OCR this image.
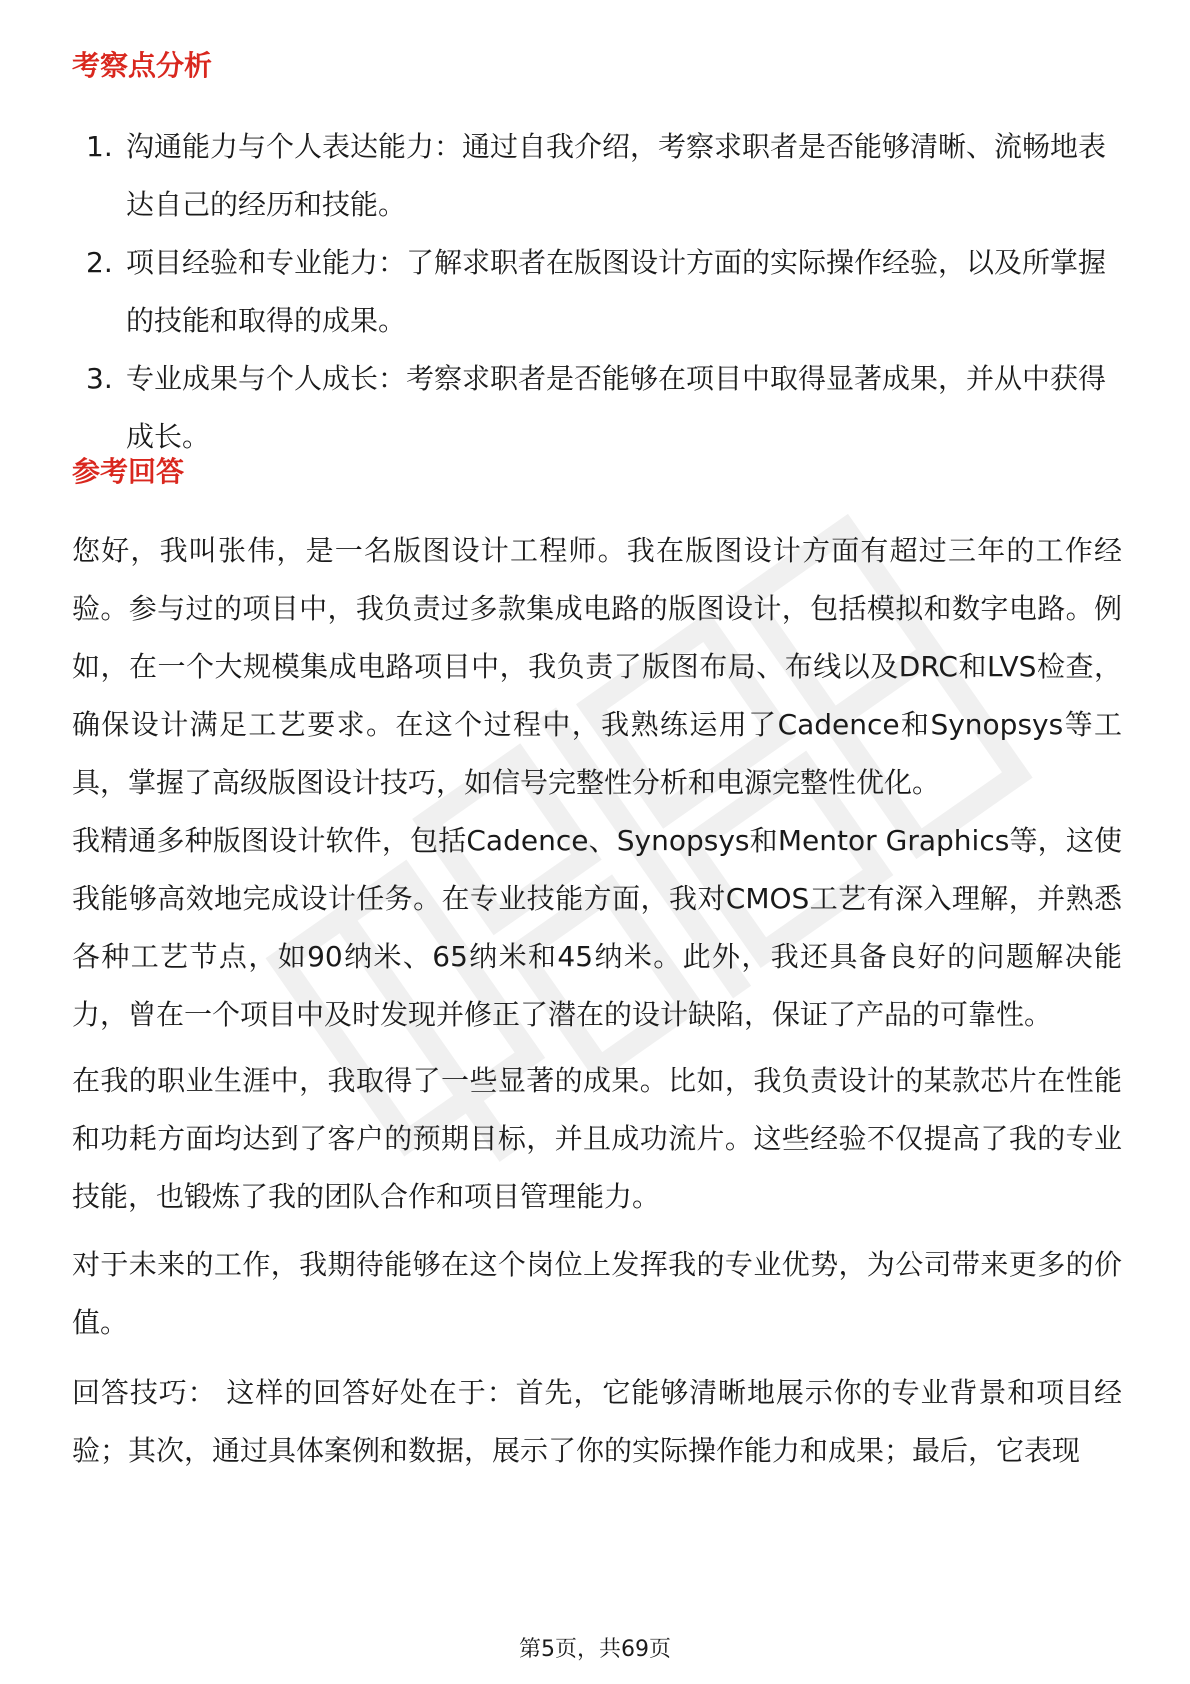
考察点分析
1. 沟通能力与个人表达能力：通过自我介绍，考察求职者是否能够清晰、流畅地表达自己的经历和技能。
2. 项目经验和专业能力：了解求职者在版图设计方面的实际操作经验，以及所掌握的技能和取得的成果。
3. 专业成果与个人成长：考察求职者是否能够在项目中取得显著成果，并从中获得成长。
参考回答

您好，我叫张伟，是一名版图设计工程师。我在版图设计方面有超过三年的工作经验。参与过的项目中，我负责过多款集成电路的版图设计，包括模拟和数字电路。例如，在一个大规模集成电路项目中，我负责了版图布局、布线以及DRC和LVS检查，确保设计满足工艺要求。在这个过程中，我熟练运用了Cadence和Synopsys等工具，掌握了高级版图设计技巧，如信号完整性分析和电源完整性优化。

我精通多种版图设计软件，包括Cadence、Synopsys和Mentor Graphics等，这使我能够高效地完成设计任务。在专业技能方面，我对CMOS工艺有深入理解，并熟悉各种工艺节点，如90纳米、65纳米和45纳米。此外，我还具备良好的问题解决能力，曾在一个项目中及时发现并修正了潜在的设计缺陷，保证了产品的可靠性。

在我的职业生涯中，我取得了一些显著的成果。比如，我负责设计的某款芯片在性能和功耗方面均达到了客户的预期目标，并且成功流片。这些经验不仅提高了我的专业技能，也锻炼了我的团队合作和项目管理能力。

对于未来的工作，我期待能够在这个岗位上发挥我的专业优势，为公司带来更多的价值。

回答技巧： 这样的回答好处在于：首先，它能够清晰地展示你的专业背景和项目经验；其次，通过具体案例和数据，展示了你的实际操作能力和成果；最后，它表现

第5页，共69页
